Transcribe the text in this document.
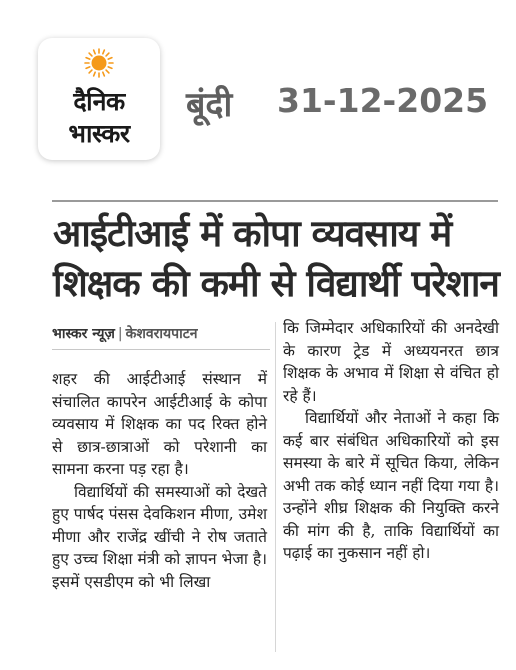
दैनिक
भास्कर
बूंदी 31-12-2025
आईटीआई में कोपा व्यवसाय में
शिक्षक की कमी से विद्यार्थी परेशान
भास्कर न्यूज़ | केशवरायपाटन

शहर की आईटीआई संस्थान में संचालित कापरेन आईटीआई के कोपा व्यवसाय में शिक्षक का पद रिक्त होने से छात्र-छात्राओं को परेशानी का सामना करना पड़ रहा है।

विद्यार्थियों की समस्याओं को देखते हुए पार्षद पंसस देवकिशन मीणा, उमेश मीणा और राजेंद्र खींची ने रोष जताते हुए उच्च शिक्षा मंत्री को ज्ञापन भेजा है। इसमें एसडीएम को भी लिखा

कि जिम्मेदार अधिकारियों की अनदेखी के कारण ट्रेड में अध्ययनरत छात्र शिक्षक के अभाव में शिक्षा से वंचित हो रहे हैं।

विद्यार्थियों और नेताओं ने कहा कि कई बार संबंधित अधिकारियों को इस समस्या के बारे में सूचित किया, लेकिन अभी तक कोई ध्यान नहीं दिया गया है। उन्होंने शीघ्र शिक्षक की नियुक्ति करने की मांग की है, ताकि विद्यार्थियों का पढ़ाई का नुकसान नहीं हो।
